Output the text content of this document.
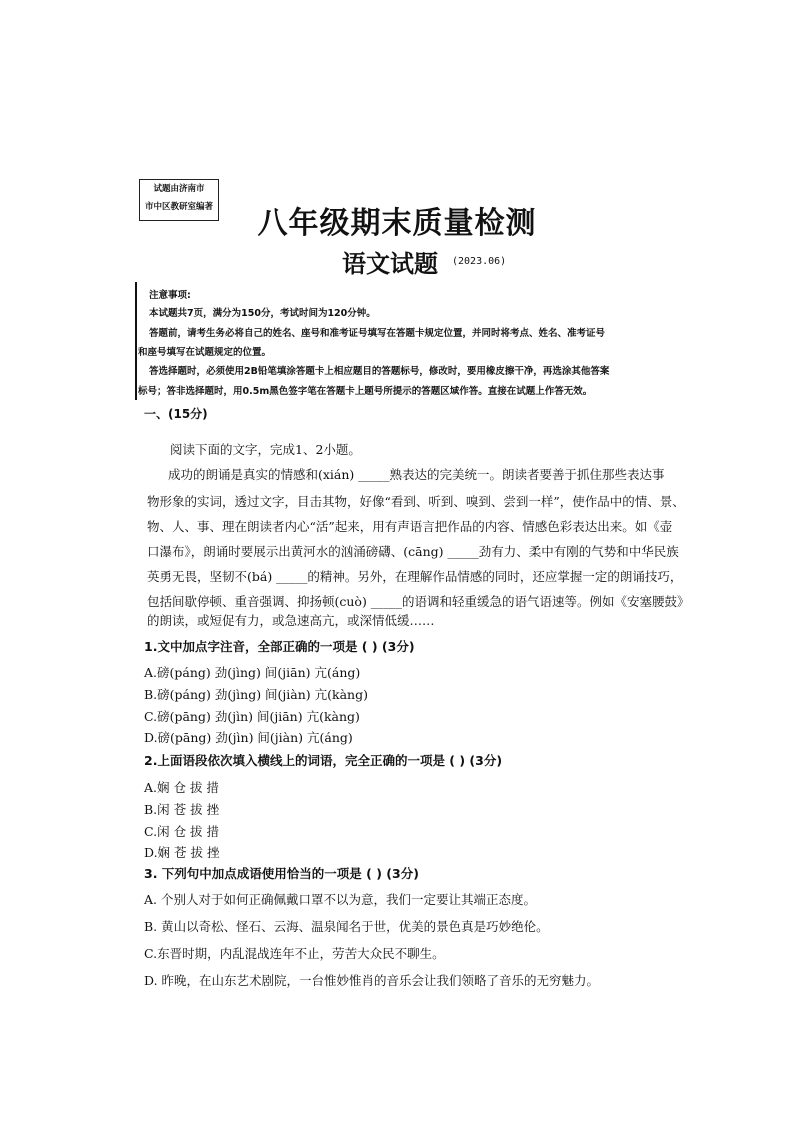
试题由济南市
市中区教研室编著	八年级期末质量检测
语文试题 (2023.06)
注意事项:
本试题共7页，满分为150分，考试时间为120分钟。
答题前，请考生务必将自己的姓名、座号和准考证号填写在答题卡规定位置，并同时将考点、姓名、准考证号
和座号填写在试题规定的位置。
答选择题时，必须使用2B铅笔填涂答题卡上相应题目的答题标号，修改时，要用橡皮擦干净，再选涂其他答案
标号；答非选择题时，用0.5m黑色签字笔在答题卡上题号所提示的答题区域作答。直接在试题上作答无效。
一、(15分)
阅读下面的文字，完成1、2小题。
成功的朗诵是真实的情感和(xián) _____熟表达的完美统一。朗读者要善于抓住那些表达事
物形象的实词，透过文字，目击其物，好像“看到、听到、嗅到、尝到一样”，使作品中的情、景、
物、人、事、理在朗读者内心“活”起来，用有声语言把作品的内容、情感色彩表达出来。如《壶
口瀑布》，朗诵时要展示出黄河水的汹涌磅礴、(cāng) _____劲有力、柔中有刚的气势和中华民族
英勇无畏，坚韧不(bá) _____的精神。另外，在理解作品情感的同时，还应掌握一定的朗诵技巧，
包括间歇停顿、重音强调、抑扬顿(cuò) _____的语调和轻重缓急的语气语速等。例如《安塞腰鼓》
的朗读，或短促有力，或急速高亢，或深情低缓……
1.文中加点字注音，全部正确的一项是 ( ) (3分)
A.磅(páng) 劲(jìng) 间(jiān) 亢(áng)
B.磅(páng) 劲(jìng) 间(jiàn) 亢(kàng)
C.磅(pāng) 劲(jìn) 间(jiān) 亢(kàng)
D.磅(pāng) 劲(jìn) 间(jiàn) 亢(áng)
2.上面语段依次填入横线上的词语，完全正确的一项是 ( ) (3分)
A.娴 仓 拔 措
B.闲 苍 拔 挫
C.闲 仓 拔 措
D.娴 苍 拔 挫
3. 下列句中加点成语使用恰当的一项是 ( ) (3分)
A. 个别人对于如何正确佩戴口罩不以为意，我们一定要让其端正态度。
B. 黄山以奇松、怪石、云海、温泉闻名于世，优美的景色真是巧妙绝伦。
C.东晋时期，内乱混战连年不止，劳苦大众民不聊生。
D. 昨晚，在山东艺术剧院，一台惟妙惟肖的音乐会让我们领略了音乐的无穷魅力。
